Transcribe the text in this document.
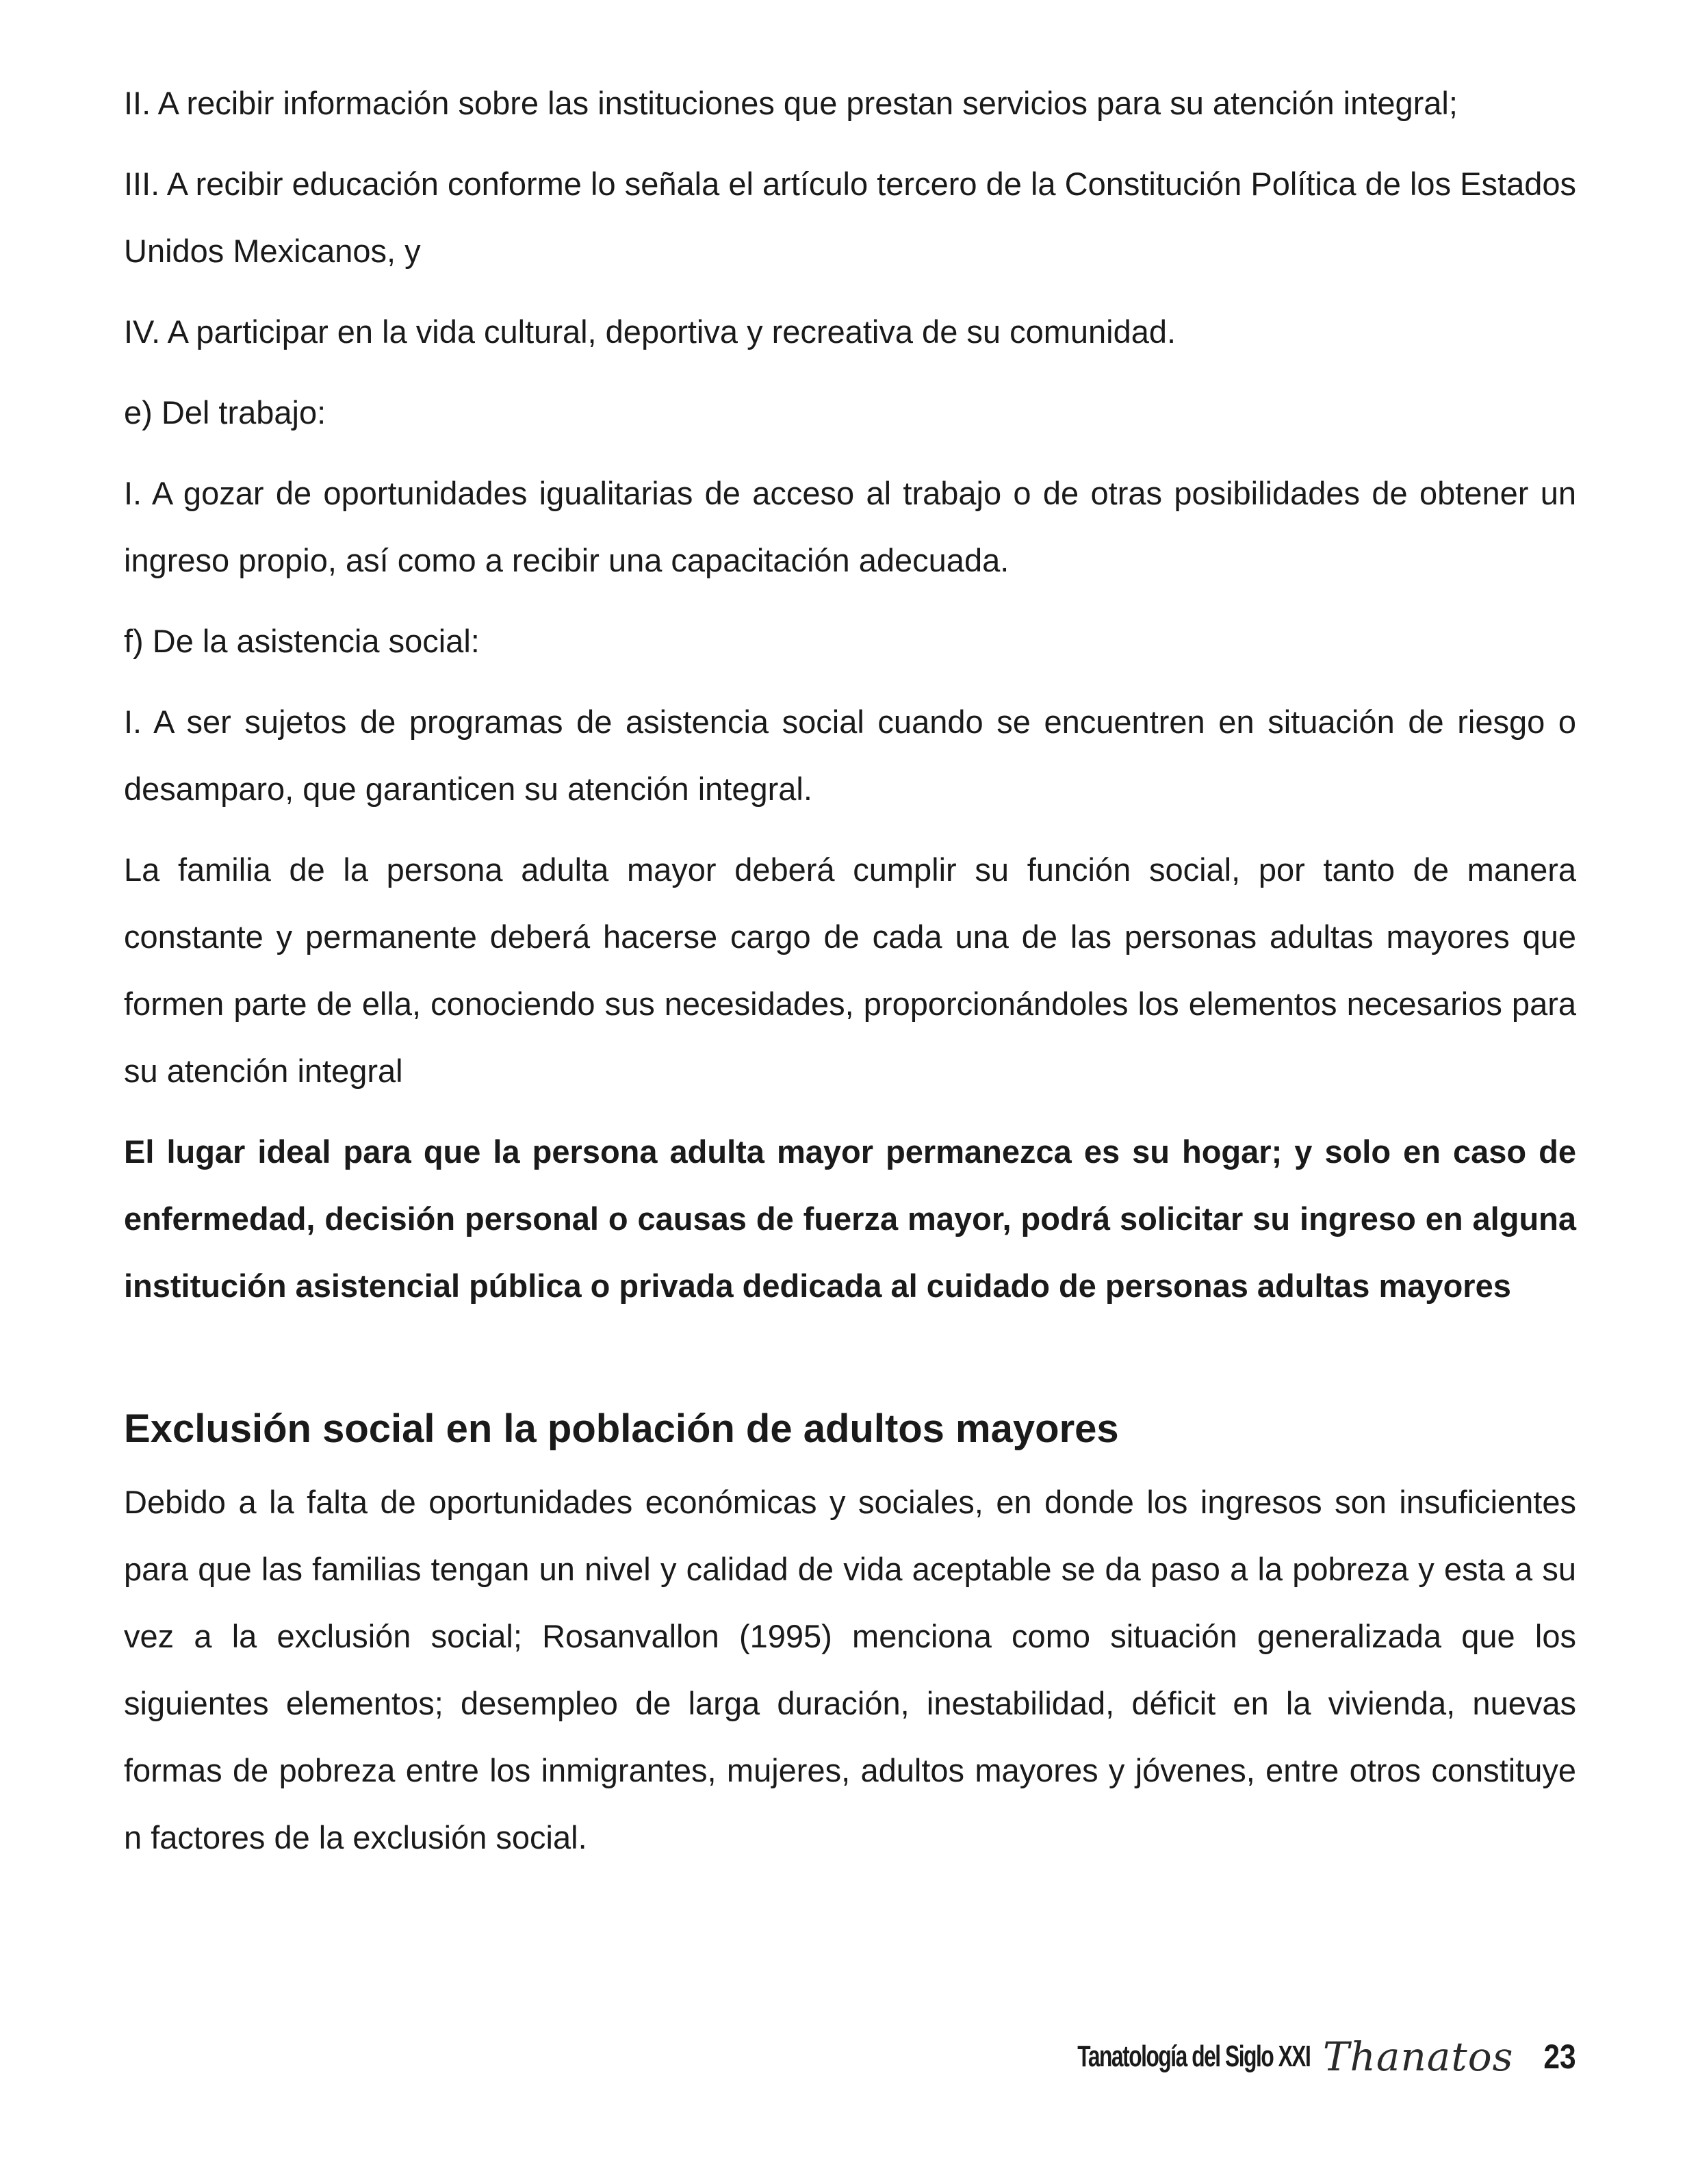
II. A recibir información sobre las instituciones que prestan servicios para su atención integral;

III. A recibir educación conforme lo señala el artículo tercero de la Constitución Política de los Estados Unidos Mexicanos, y

IV. A participar en la vida cultural, deportiva y recreativa de su comunidad.

e) Del trabajo:

I. A gozar de oportunidades igualitarias de acceso al trabajo o de otras posibilidades de obtener un ingreso propio, así como a recibir una capacitación adecuada.

f) De la asistencia social:

I. A ser sujetos de programas de asistencia social cuando se encuentren en situación de riesgo o desamparo, que garanticen su atención integral.

La familia de la persona adulta mayor deberá cumplir su función social, por tanto de manera constante y permanente deberá hacerse cargo de cada una de las personas adultas mayores que formen parte de ella, conociendo sus necesidades, proporcionándoles los elementos necesarios para su atención integral

El lugar ideal para que la persona adulta mayor permanezca es su hogar; y solo en caso de enfermedad, decisión personal o causas de fuerza mayor, podrá solicitar su ingreso en alguna institución asistencial pública o privada dedicada al cuidado de personas adultas mayores

Exclusión social en la población de adultos mayores

Debido a la falta de oportunidades económicas y sociales, en donde los ingresos son insuficientes para que las familias tengan un nivel y calidad de vida aceptable se da paso a la pobreza y esta a su vez a la exclusión social; Rosanvallon (1995) menciona como situación generalizada que los siguientes elementos; desempleo de larga duración, inestabilidad, déficit en la vivienda, nuevas formas de pobreza entre los inmigrantes, mujeres, adultos mayores y jóvenes, entre otros constituye n factores de la exclusión social.

Tanatología del Siglo XXI Thanatos 23
